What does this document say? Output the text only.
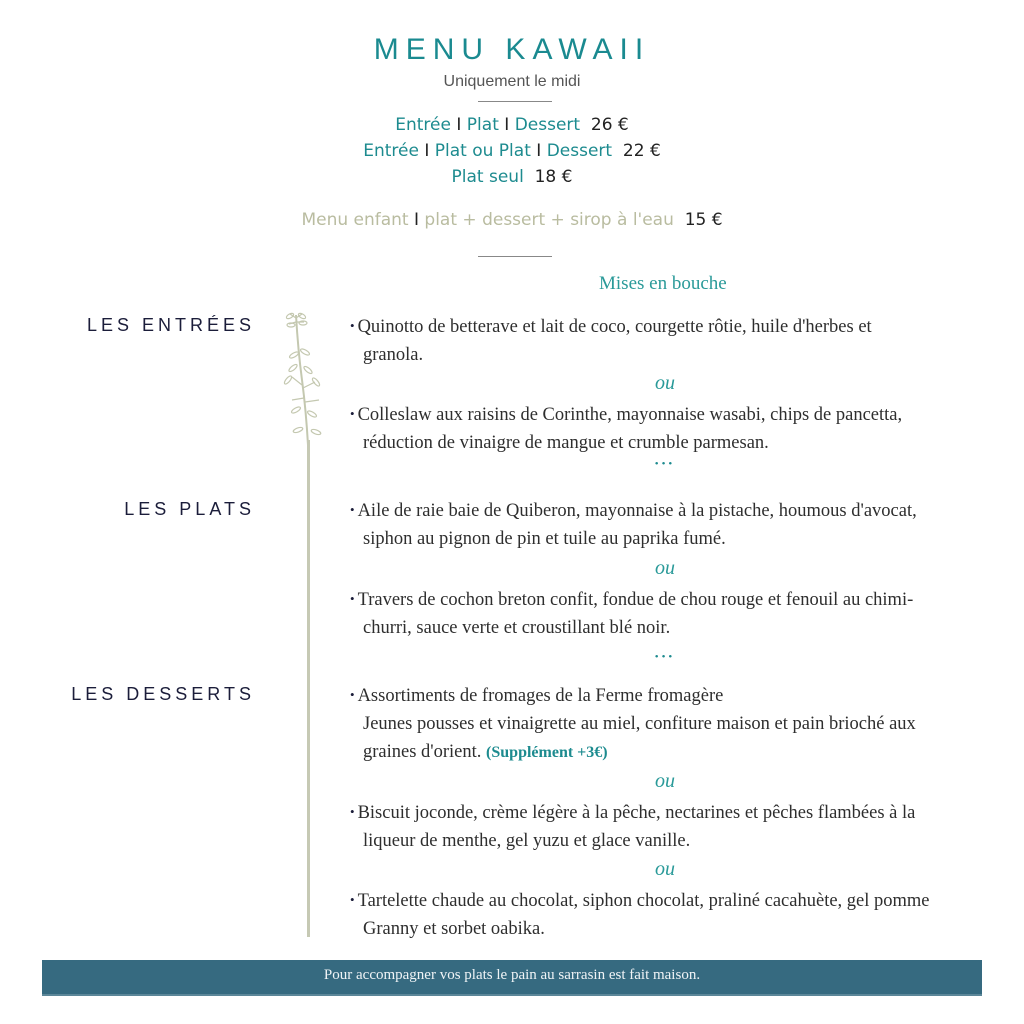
MENU KAWAII
Uniquement le midi
Entrée I Plat I Dessert 26 €
Entrée I Plat ou Plat I Dessert 22 €
Plat seul 18 €
Menu enfant I plat + dessert + sirop à l'eau 15 €
Mises en bouche
LES ENTRÉES
LES PLATS
LES DESSERTS
• Quinotto de betterave et lait de coco, courgette rôtie, huile d'herbes et
granola.
ou
• Colleslaw aux raisins de Corinthe, mayonnaise wasabi, chips de pancetta,
réduction de vinaigre de mangue et crumble parmesan.
•••
• Aile de raie baie de Quiberon, mayonnaise à la pistache, houmous d'avocat,
siphon au pignon de pin et tuile au paprika fumé.
ou
• Travers de cochon breton confit, fondue de chou rouge et fenouil au chimi-
churri, sauce verte et croustillant blé noir.
•••
• Assortiments de fromages de la Ferme fromagère
Jeunes pousses et vinaigrette au miel, confiture maison et pain brioché aux
graines d'orient. (Supplément +3€)
ou
• Biscuit joconde, crème légère à la pêche, nectarines et pêches flambées à la
liqueur de menthe, gel yuzu et glace vanille.
ou
• Tartelette chaude au chocolat, siphon chocolat, praliné cacahuète, gel pomme
Granny et sorbet oabika.
Pour accompagner vos plats le pain au sarrasin est fait maison.
